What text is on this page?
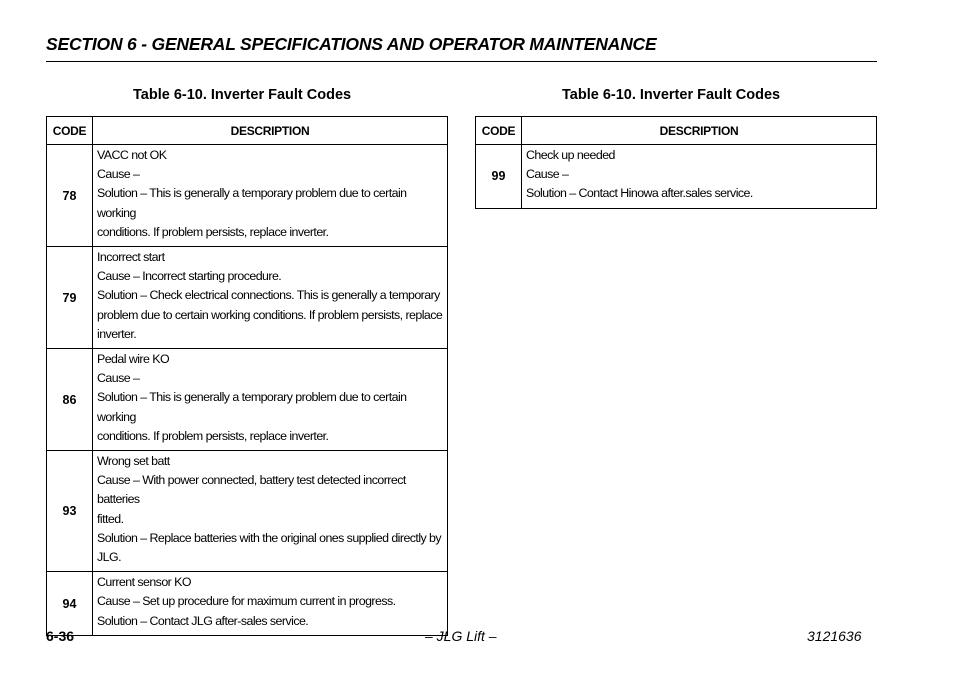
SECTION 6 - GENERAL SPECIFICATIONS AND OPERATOR MAINTENANCE
Table 6-10. Inverter Fault Codes	Table 6-10. Inverter Fault Codes
CODE	DESCRIPTION
78	VACC not OK
Cause –
Solution – This is generally a temporary problem due to certain working
conditions. If problem persists, replace inverter.

79	Incorrect start
Cause – Incorrect starting procedure.
Solution – Check electrical connections. This is generally a temporary
problem due to certain working conditions. If problem persists, replace
inverter.

86	Pedal wire KO
Cause –
Solution – This is generally a temporary problem due to certain working
conditions. If problem persists, replace inverter.

93	Wrong set batt
Cause – With power connected, battery test detected incorrect batteries
fitted.
Solution – Replace batteries with the original ones supplied directly by
JLG.

94	Current sensor KO
Cause – Set up procedure for maximum current in progress.
Solution – Contact JLG after-sales service.
CODE	DESCRIPTION
99	Check up needed
Cause –
Solution – Contact Hinowa after.sales service.
6-36	– JLG Lift –	3121636
